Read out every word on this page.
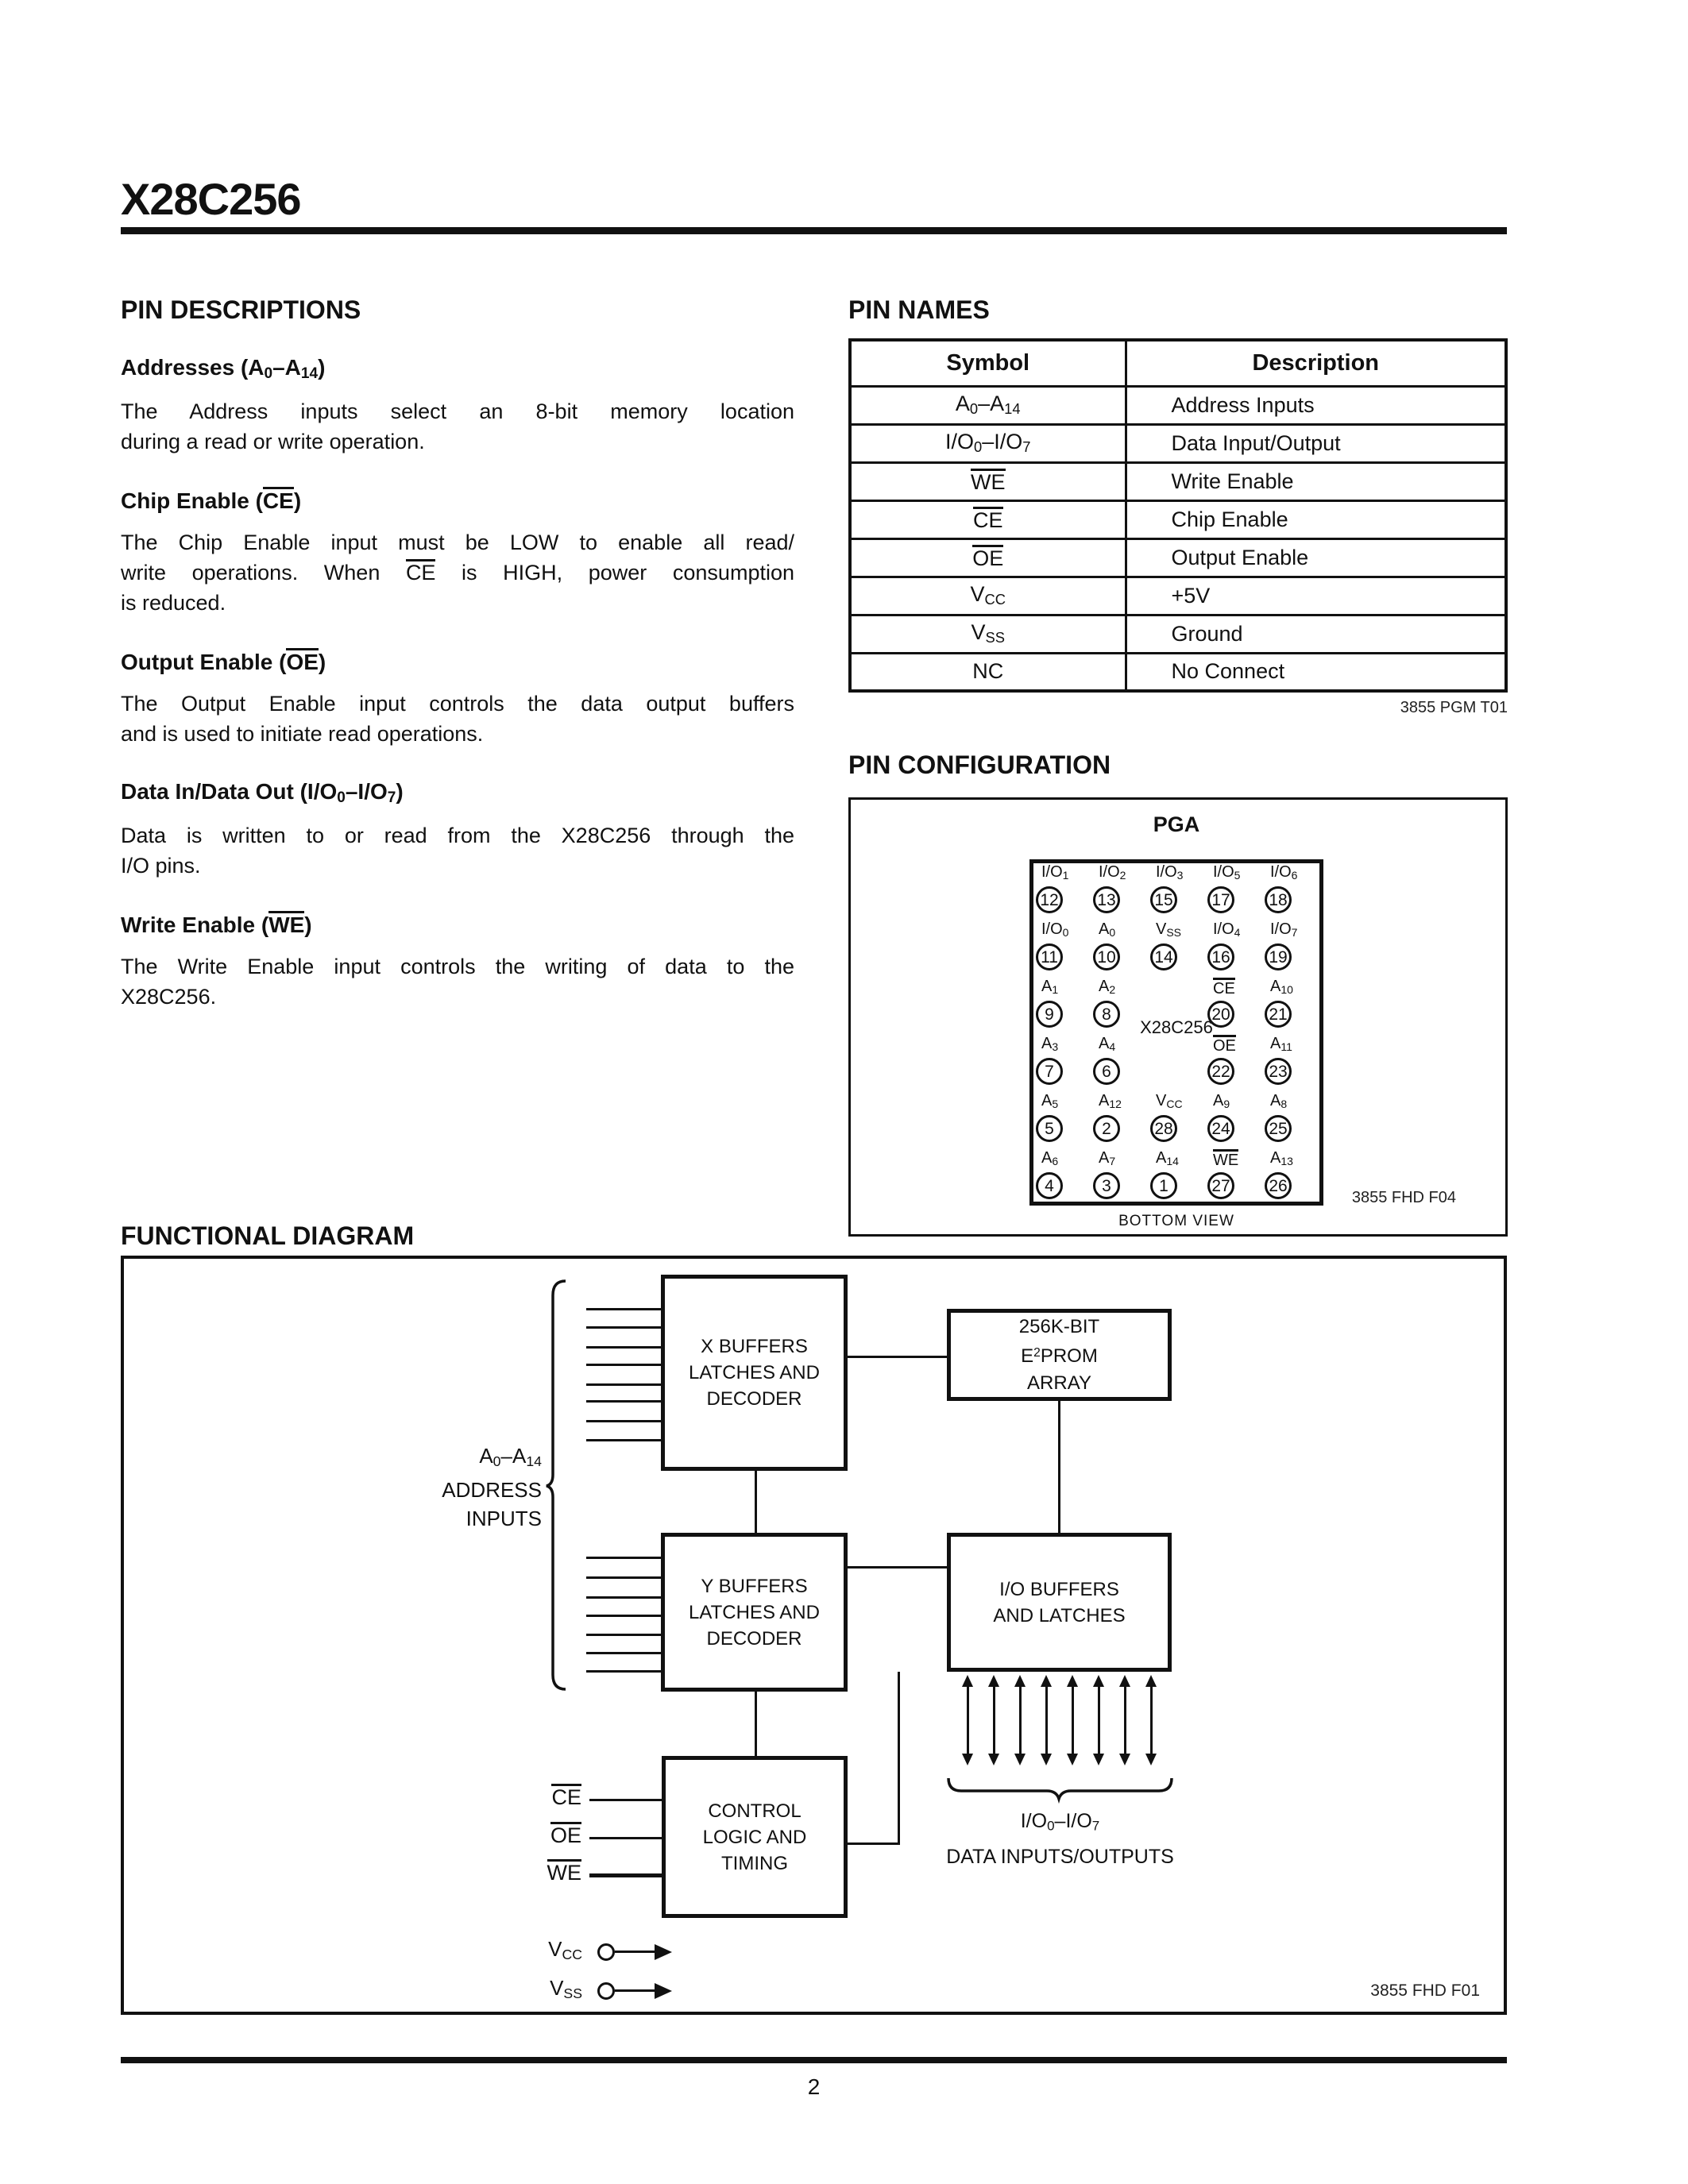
X28C256
PIN DESCRIPTIONS
Addresses $(A_0-A_{14})$
The Address inputs select an 8-bit memory location
during a read or write operation.
Chip Enable (CE)
The Chip Enable input must be LOW to enable all read/
write operations. When CE is HIGH, power consumption
is reduced.
Output Enable (OE)
The Output Enable input controls the data output buffers
and is used to initiate read operations.
Data In/Data Out $(I/O_0-I/O_7)$
Data is written to or read from the X28C256 through the
I/O pins.
Write Enable (WE)
The Write Enable input controls the writing of data to the
X28C256.
PIN NAMES
Symbol	Description
$A_0-A_{14}$	Address Inputs
$I/O_0-I/O_7$	Data Input/Output
WE	Write Enable
CE	Chip Enable
OE	Output Enable
$V_{CC}$	+5V
$V_{SS}$	Ground
NC	No Connect
3855 PGM T01
PIN CONFIGURATION
PGA
$I/O_1$
12
$I/O_2$
13
$I/O_3$
15
$I/O_5$
17
$I/O_6$
18
$I/O_0$
11
$A_0$
10
$V_{SS}$
14
$I/O_4$
16
$I/O_7$
19
$A_1$
9
$A_2$
8
CE
20
$A_{10}$
21
$A_3$
7
$A_4$
6
OE
22
$A_{11}$
23
$A_5$
5
$A_{12}$
2
$V_{CC}$
28
$A_9$
24
$A_8$
25
$A_6$
4
$A_7$
3
$A_{14}$
1
WE
27
$A_{13}$
26
X28C256
BOTTOM VIEW
3855 FHD F04
FUNCTIONAL DIAGRAM
X BUFFERS
LATCHES AND
DECODER
256K-BIT
$E^2PROM$
ARRAY
Y BUFFERS
LATCHES AND
DECODER
I/O BUFFERS
AND LATCHES
CONTROL
LOGIC AND
TIMING
$A_0-A_{14}$
ADDRESS
INPUTS
CE
OE
WE
$V_{CC}$
$V_{SS}$
$I/O_0-I/O_7$
DATA INPUTS/OUTPUTS
3855 FHD F01
2
